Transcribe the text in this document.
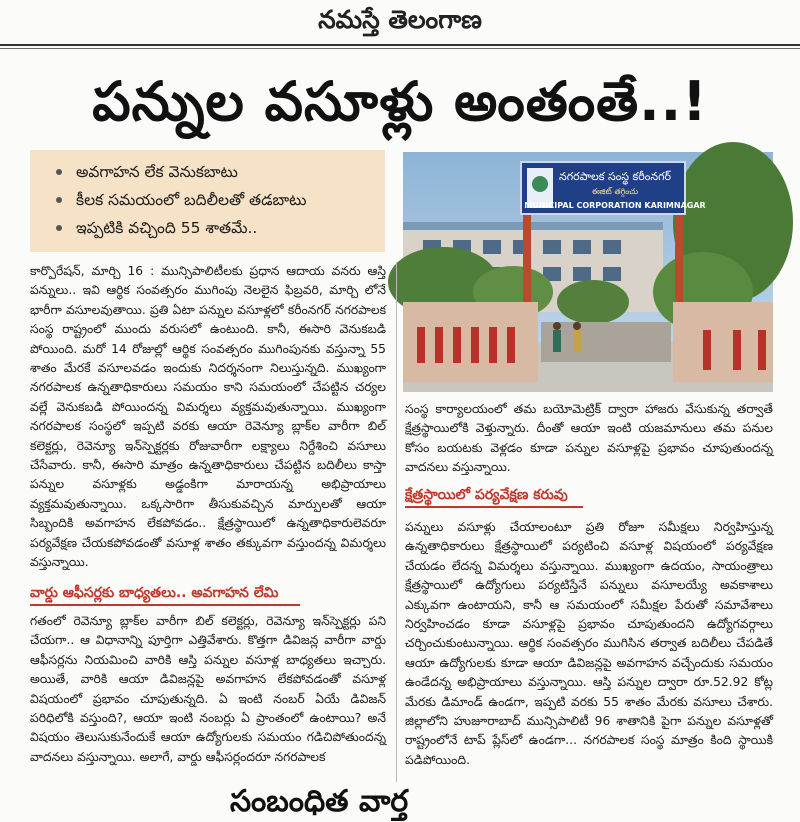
నమస్తే తెలంగాణ
పన్నుల వసూళ్లు అంతంతే..!
అవగాహన లేక వెనుకబాటు
కీలక సమయంలో బదిలీలతో తడబాటు
ఇప్పటికి వచ్చింది 55 శాతమే..
నగరపాలక సంస్థ కరీంనగర్
ఈజిట్ తగ్గించు
MUNICIPAL CORPORATION KARIMNAGAR

కార్పొరేషన్, మార్చి 16 : మున్సిపాలిటీలకు ప్రధాన ఆదాయ వనరు ఆస్తి పన్నులు.. ఇవి ఆర్థిక సంవత్సరం ముగింపు నెలలైన ఫిబ్రవరి, మార్చి లోనే భారీగా వసూలవుతాయి. ప్రతి ఏటా పన్నుల వసూళ్లలో కరీంనగర్ నగరపాలక సంస్థ రాష్ట్రంలో ముందు వరుసలో ఉంటుంది. కానీ, ఈసారి వెనుకబడి పోయింది. మరో 14 రోజుల్లో ఆర్థిక సంవత్సరం ముగింపునకు వస్తున్నా 55 శాతం మేరకే వసూలవడం ఇందుకు నిదర్శనంగా నిలుస్తున్నది. ముఖ్యంగా నగరపాలక ఉన్నతాధికారులు సమయం కాని సమయంలో చేపట్టిన చర్యల వల్లే వెనుకబడి పోయిందన్న విమర్శలు వ్యక్తమవుతున్నాయి. ముఖ్యంగా నగరపాలక సంస్థలో ఇప్పటి వరకు ఆయా రెవెన్యూ బ్లాక్‌ల వారీగా బిల్ కలెక్టర్లు, రెవెన్యూ ఇన్‌స్పెక్టర్లకు రోజువారీగా లక్ష్యాలు నిర్దేశించి వసూలు చేసేవారు. కానీ, ఈసారి మాత్రం ఉన్నతాధికారులు చేపట్టిన బదిలీలు కాస్తా పన్నుల వసూళ్లకు అడ్డంకిగా మారాయన్న అభిప్రాయాలు వ్యక్తమవుతున్నాయి. ఒక్కసారిగా తీసుకువచ్చిన మార్పులతో ఆయా సిబ్బందికి అవగాహన లేకపోవడం.. క్షేత్రస్థాయిలో ఉన్నతాధికారులెవరూ పర్యవేక్షణ చేయకపోవడంతో వసూళ్ల శాతం తక్కువగా వస్తుందన్న విమర్శలు వస్తున్నాయి.

వార్డు ఆఫీసర్లకు బాధ్యతలు.. అవగాహన లేమి

గతంలో రెవెన్యూ బ్లాక్‌ల వారీగా బిల్ కలెక్టర్లు, రెవెన్యూ ఇన్‌స్పెక్టర్లు పని చేయగా.. ఆ విధానాన్ని పూర్తిగా ఎత్తివేశారు. కొత్తగా డివిజన్ల వారీగా వార్డు ఆఫీసర్లను నియమించి వారికి ఆస్తి పన్నుల వసూళ్ల బాధ్యతలు ఇచ్చారు. అయితే, వారికి ఆయా డివిజన్లపై అవగాహన లేకపోవడంతో వసూళ్ల విషయంలో ప్రభావం చూపుతున్నది. ఏ ఇంటి నంబర్ ఏయే డివిజన్ పరిధిలోకి వస్తుంది?, ఆయా ఇంటి నంబర్లు ఏ ప్రాంతంలో ఉంటాయి? అనే విషయం తెలుసుకునేందుకే ఆయా ఉద్యోగులకు సమయం గడిచిపోతుందన్న వాదనలు వస్తున్నాయి. అలాగే, వార్డు ఆఫీసర్లందరూ నగరపాలక

సంస్థ కార్యాలయంలో తమ బయోమెట్రిక్ ద్వారా హాజరు వేసుకున్న తర్వాతే క్షేత్రస్థాయిలోకి వెళ్తున్నారు. దీంతో ఆయా ఇంటి యజమానులు తమ పనుల కోసం బయటకు వెళ్లడం కూడా పన్నుల వసూళ్లపై ప్రభావం చూపుతుందన్న వాదనలు వస్తున్నాయి.

క్షేత్రస్థాయిలో పర్యవేక్షణ కరువు

పన్నులు వసూళ్లు చేయాలంటూ ప్రతి రోజూ సమీక్షలు నిర్వహిస్తున్న ఉన్నతాధికారులు క్షేత్రస్థాయిలో పర్యటించి వసూళ్ల విషయంలో పర్యవేక్షణ చేయడం లేదన్న విమర్శలు వస్తున్నాయి. ముఖ్యంగా ఉదయం, సాయంత్రాలు క్షేత్రస్థాయిలో ఉద్యోగులు పర్యటిస్తేనే పన్నులు వసూలయ్యే అవకాశాలు ఎక్కువగా ఉంటాయని, కానీ ఆ సమయంలో సమీక్షల పేరుతో సమావేశాలు నిర్వహించడం కూడా వసూళ్లపై ప్రభావం చూపుతుందని ఉద్యోగవర్గాలు చర్చించుకుంటున్నాయి. ఆర్థిక సంవత్సరం ముగిసిన తర్వాత బదిలీలు చేపడితే ఆయా ఉద్యోగులకు కూడా ఆయా డివిజన్లపై అవగాహన వచ్చేందుకు సమయం ఉండేదన్న అభిప్రాయాలు వస్తున్నాయి. ఆస్తి పన్నుల ద్వారా రూ.52.92 కోట్ల మేరకు డిమాండ్ ఉండగా, ఇప్పటి వరకు 55 శాతం మేరకు వసూలు చేశారు. జిల్లాలోని హుజూరాబాద్ మున్సిపాలిటీ 96 శాతానికి పైగా పన్నుల వసూళ్లతో రాష్ట్రంలోనే టాప్ ప్లేస్‌లో ఉండగా... నగరపాలక సంస్థ మాత్రం కింది స్థాయికి పడిపోయింది.

సంబంధిత వార్త
